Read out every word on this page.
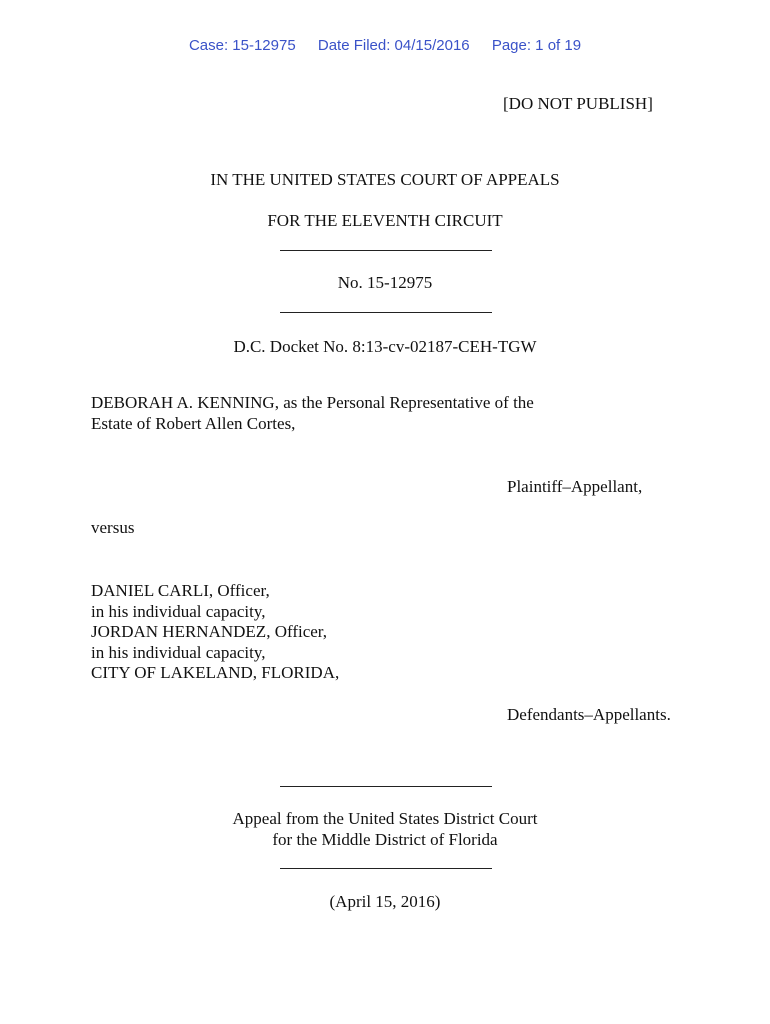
Case: 15-12975 Date Filed: 04/15/2016 Page: 1 of 19
[DO NOT PUBLISH]
IN THE UNITED STATES COURT OF APPEALS
FOR THE ELEVENTH CIRCUIT
No. 15-12975
D.C. Docket No. 8:13-cv-02187-CEH-TGW
DEBORAH A. KENNING, as the Personal Representative of the
Estate of Robert Allen Cortes,
Plaintiff–Appellant,
versus
DANIEL CARLI, Officer,
in his individual capacity,
JORDAN HERNANDEZ, Officer,
in his individual capacity,
CITY OF LAKELAND, FLORIDA,
Defendants–Appellants.
Appeal from the United States District Court
for the Middle District of Florida
(April 15, 2016)
